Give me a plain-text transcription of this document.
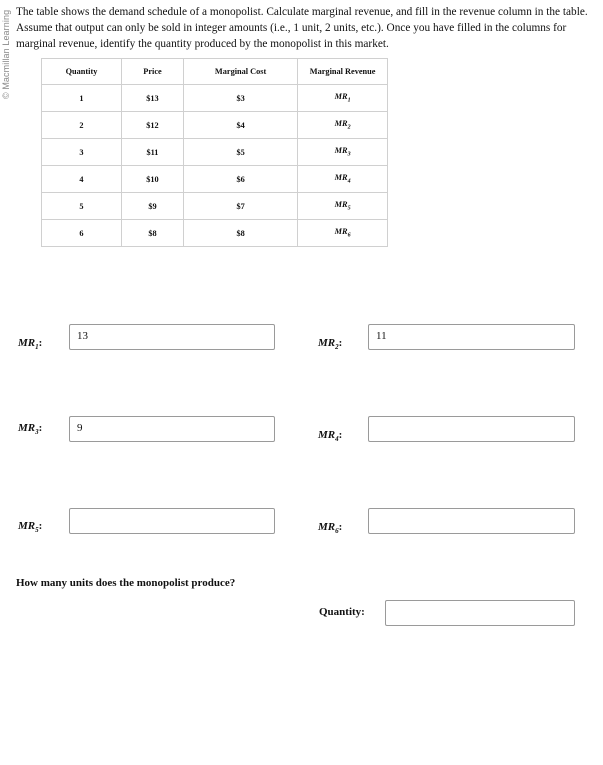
© Macmillan Learning The table shows the demand schedule of a monopolist. Calculate marginal revenue, and fill in the revenue column in the table. Assume that output can only be sold in integer amounts (i.e., 1 unit, 2 units, etc.). Once you have filled in the columns for marginal revenue, identify the quantity produced by the monopolist in this market.
Quantity	Price	Marginal Cost	Marginal Revenue
1	$13	$3	$MR_1$
2	$12	$4	$MR_2$
3	$11	$5	$MR_3$
4	$10	$6	$MR_4$
5	$9	$7	$MR_5$
6	$8	$8	$MR_6$
$MR_1$:
13
$MR_2$:
11
$MR_3$:	9
$MR_4$:
$MR_5$:	$MR_6$:
How many units does the monopolist produce?
Quantity:
